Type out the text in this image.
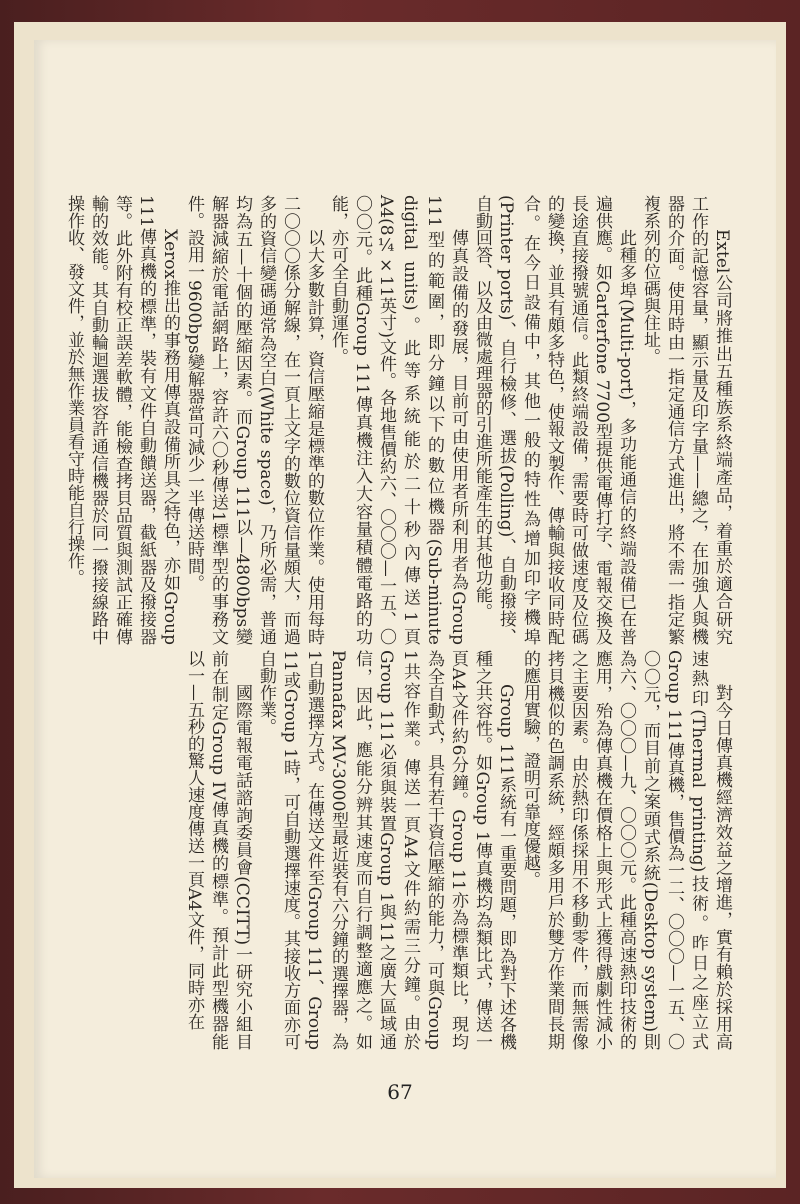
Extel公司將推出五種族系終端產品，着重於適合研究工作的記憶容量，顯示量及印字量——總之，在加強人與機器的介面。使用時由一指定通信方式進出，將不需一指定繁複系列的位碼與住址。

此種多埠(Multi-port)，多功能通信的終端設備已在普遍供應。如Carterfone 7700型提供電傳打字、電報交換及長途直接撥號通信。此類終端設備，需要時可做速度及位碼的變換，並具有頗多特色，使報文製作、傳輸與接收同時配合。在今日設備中，其他一般的特性為增加印字機埠(Printer ports)、自行檢修、選拔(Polling)、自動撥接、自動回答、以及由微處理器的引進所能產生的其他功能。

傳真設備的發展，目前可由使用者所利用者為Group 111型的範圍，即分鐘以下的數位機器(Sub-minute digital units)。此等系統能於二十秒內傳送1頁A4(8¼×11英寸)文件。各地售價約六、〇〇〇—一五、〇〇〇元。此種Group 111傳真機注入大容量積體電路的功能，亦可全自動運作。

以大多數計算，資信壓縮是標準的數位作業。使用每時二〇〇〇係分解線，在一頁上文字的數位資信量頗大，而過多的資信變碼通常為空白(White space)，乃所必需，普通均為五—十個的壓縮因素。而Group 111以—4800bps變解器減縮於電話網路上，容許六〇秒傳送1標準型的事務文件。設用一9600bps變解器當可減少一半傳送時間。

Xerox推出的事務用傳真設備所具之特色，亦如Group 111傳真機的標準，裝有文件自動饋送器，截紙器及撥接器等。此外附有校正誤差軟體，能檢查拷貝品質與測試正確傳輸的效能。其自動輪迴選拔容許通信機器於同一撥接線路中操作收、發文件，並於無作業員看守時能自行操作。

對今日傳真機經濟效益之增進，實有賴於採用高速熱印(Thermal printing)技術。昨日之座立式Group 111傳真機，售價為一二、〇〇〇—一五、〇〇〇元，而目前之案頭式系統(Desktop system)則為六、〇〇〇—九、〇〇〇元。此種高速熱印技術的應用，殆為傳真機在價格上與形式上獲得戲劇性減小之主要因素。由於熱印係採用不移動零件，而無需像拷貝機似的色調系統，經頗多用戶於雙方作業間長期的應用實驗，證明可靠度優越。

Group 111系統有一重要問題，即為對下述各機種之共容性。如Group 1傳真機均為類比式，傳送一頁A4文件約6分鐘。Group 11亦為標準類比，現均為全自動式，具有若干資信壓縮的能力，可與Group 1共容作業。傳送一頁A4文件約需三分鐘。由於Group 111必須與裝置Group 1與11之廣大區域通信，因此，應能分辨其速度而自行調整適應之。如Pannafax MV-3000型最近裝有六分鐘的選擇器，為1自動選擇方式。在傳送文件至Group 111、Group 11或Group 1時，可自動選擇速度。其接收方面亦可自動作業。

國際電報電話諮詢委員會(CCITT)一研究小組目前在制定Group IV傳真機的標準。預計此型機器能以一—五秒的驚人速度傳送一頁A4文件，同時亦在

67
